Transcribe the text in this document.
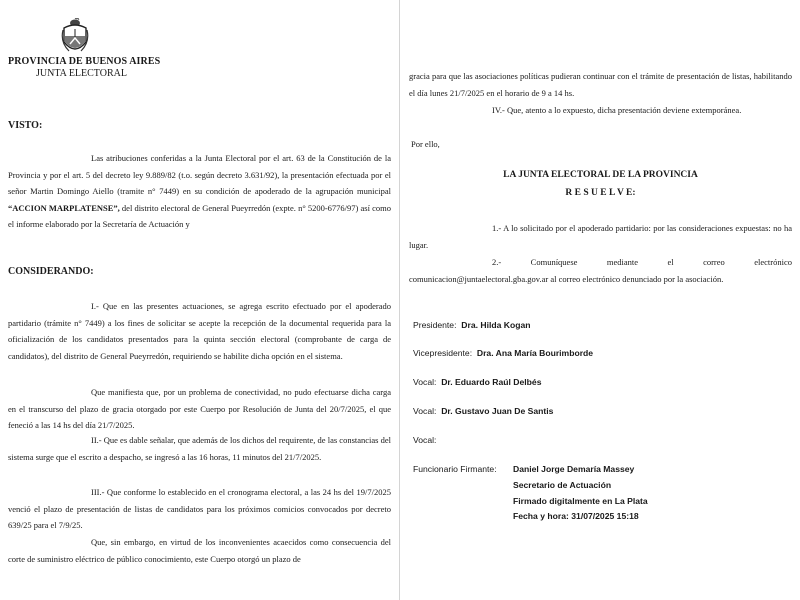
PROVINCIA DE BUENOS AIRES
JUNTA ELECTORAL
VISTO:
Las atribuciones conferidas a la Junta Electoral por el art. 63 de la Constitución de la Provincia y por el art. 5 del decreto ley 9.889/82 (t.o. según decreto 3.631/92), la presentación efectuada por el señor Martin Domingo Aiello (tramite n° 7449) en su condición de apoderado de la agrupación municipal “ACCION MARPLATENSE”, del distrito electoral de General Pueyrredón (expte. n° 5200-6776/97) así como el informe elaborado por la Secretaría de Actuación y
CONSIDERANDO:
I.- Que en las presentes actuaciones, se agrega escrito efectuado por el apoderado partidario (trámite n° 7449) a los fines de solicitar se acepte la recepción de la documental requerida para la oficialización de los candidatos presentados para la quinta sección electoral (comprobante de carga de candidatos), del distrito de General Pueyrredón, requiriendo se habilite dicha opción en el sistema.
Que manifiesta que, por un problema de conectividad, no pudo efectuarse dicha carga en el transcurso del plazo de gracia otorgado por este Cuerpo por Resolución de Junta del 20/7/2025, el que feneció a las 14 hs del día 21/7/2025.
II.- Que es dable señalar, que además de los dichos del requirente, de las constancias del sistema surge que el escrito a despacho, se ingresó a las 16 horas, 11 minutos del 21/7/2025.
III.- Que conforme lo establecido en el cronograma electoral, a las 24 hs del 19/7/2025 venció el plazo de presentación de listas de candidatos para los próximos comicios convocados por decreto 639/25 para el 7/9/25.
Que, sin embargo, en virtud de los inconvenientes acaecidos como consecuencia del corte de suministro eléctrico de público conocimiento, este Cuerpo otorgó un plazo de
gracia para que las asociaciones políticas pudieran continuar con el trámite de presentación de listas, habilitando el día lunes 21/7/2025 en el horario de 9 a 14 hs.
IV.- Que, atento a lo expuesto, dicha presentación deviene extemporánea.
Por ello,
LA JUNTA ELECTORAL DE LA PROVINCIA
R E S U E L V E:
1.- A lo solicitado por el apoderado partidario: por las consideraciones expuestas: no ha lugar.
2.- Comuníquese mediante el correo electrónico comunicacion@juntaelectoral.gba.gov.ar al correo electrónico denunciado por la asociación.
Presidente: Dra. Hilda Kogan
Vicepresidente: Dra. Ana María Bourimborde
Vocal: Dr. Eduardo Raúl Delbés
Vocal: Dr. Gustavo Juan De Santis
Vocal:
Funcionario Firmante: Daniel Jorge Demaría Massey
Secretario de Actuación
Firmado digitalmente en La Plata
Fecha y hora: 31/07/2025 15:18
